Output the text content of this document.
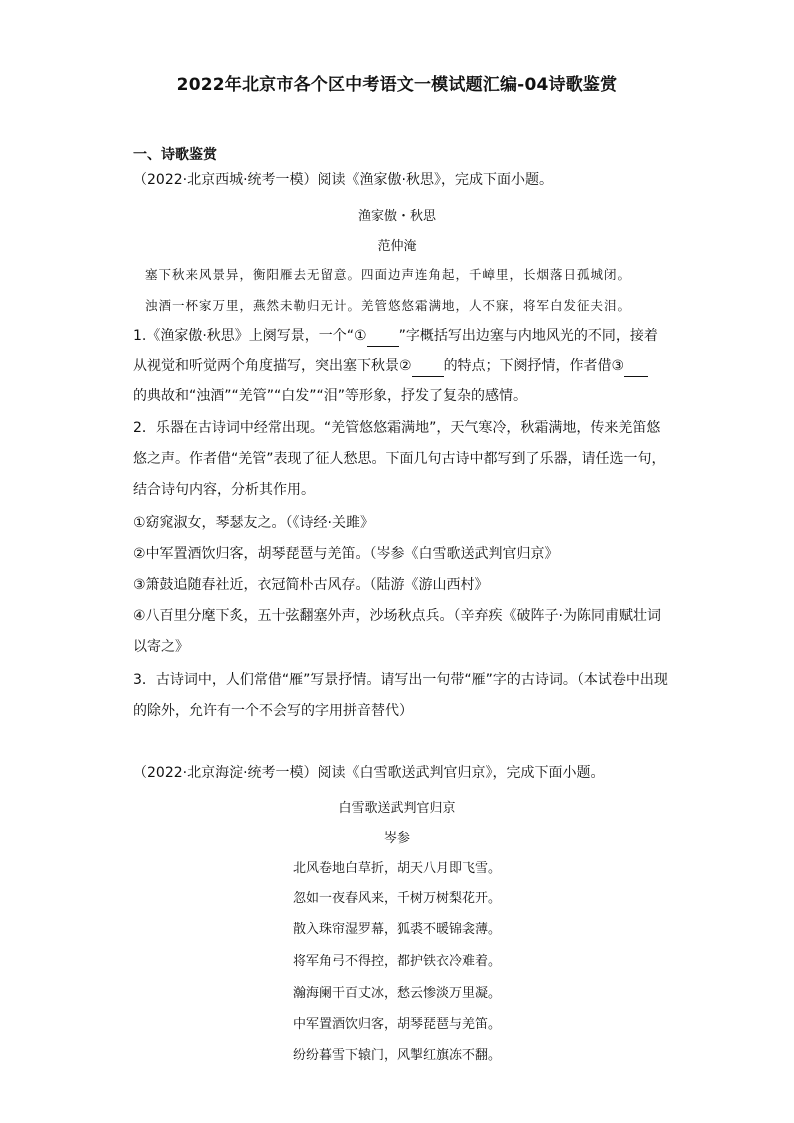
2022年北京市各个区中考语文一模试题汇编-04诗歌鉴赏
一、诗歌鉴赏
（2022·北京西城·统考一模）阅读《渔家傲·秋思》，完成下面小题。
渔家傲・秋思
范仲淹
塞下秋来风景异，衡阳雁去无留意。四面边声连角起，千嶂里，长烟落日孤城闭。
浊酒一杯家万里，燕然未勒归无计。羌管悠悠霜满地，人不寐，将军白发征夫泪。
1.《渔家傲·秋思》上阕写景，一个“① ”字概括写出边塞与内地风光的不同，接着
从视觉和听觉两个角度描写，突出塞下秋景② 的特点；下阕抒情，作者借③
的典故和“浊酒”“羌管”“白发”“泪”等形象，抒发了复杂的感情。
2．乐器在古诗词中经常出现。“羌管悠悠霜满地”，天气寒冷，秋霜满地，传来羌笛悠
悠之声。作者借“羌管”表现了征人愁思。下面几句古诗中都写到了乐器，请任选一句，
结合诗句内容，分析其作用。
①窈窕淑女，琴瑟友之。（《诗经·关雎》
②中军置酒饮归客，胡琴琵琶与羌笛。（岑参《白雪歌送武判官归京》
③箫鼓追随春社近，衣冠简朴古风存。（陆游《游山西村》
④八百里分麾下炙，五十弦翻塞外声，沙场秋点兵。（辛弃疾《破阵子·为陈同甫赋壮词
以寄之》
3．古诗词中，人们常借“雁”写景抒情。请写出一句带“雁”字的古诗词。（本试卷中出现
的除外，允许有一个不会写的字用拼音替代）
（2022·北京海淀·统考一模）阅读《白雪歌送武判官归京》，完成下面小题。
白雪歌送武判官归京
岑参
北风卷地白草折，胡天八月即飞雪。
忽如一夜春风来，千树万树梨花开。
散入珠帘湿罗幕，狐裘不暖锦衾薄。
将军角弓不得控，都护铁衣冷难着。
瀚海阑干百丈冰，愁云惨淡万里凝。
中军置酒饮归客，胡琴琵琶与羌笛。
纷纷暮雪下辕门，风掣红旗冻不翻。
